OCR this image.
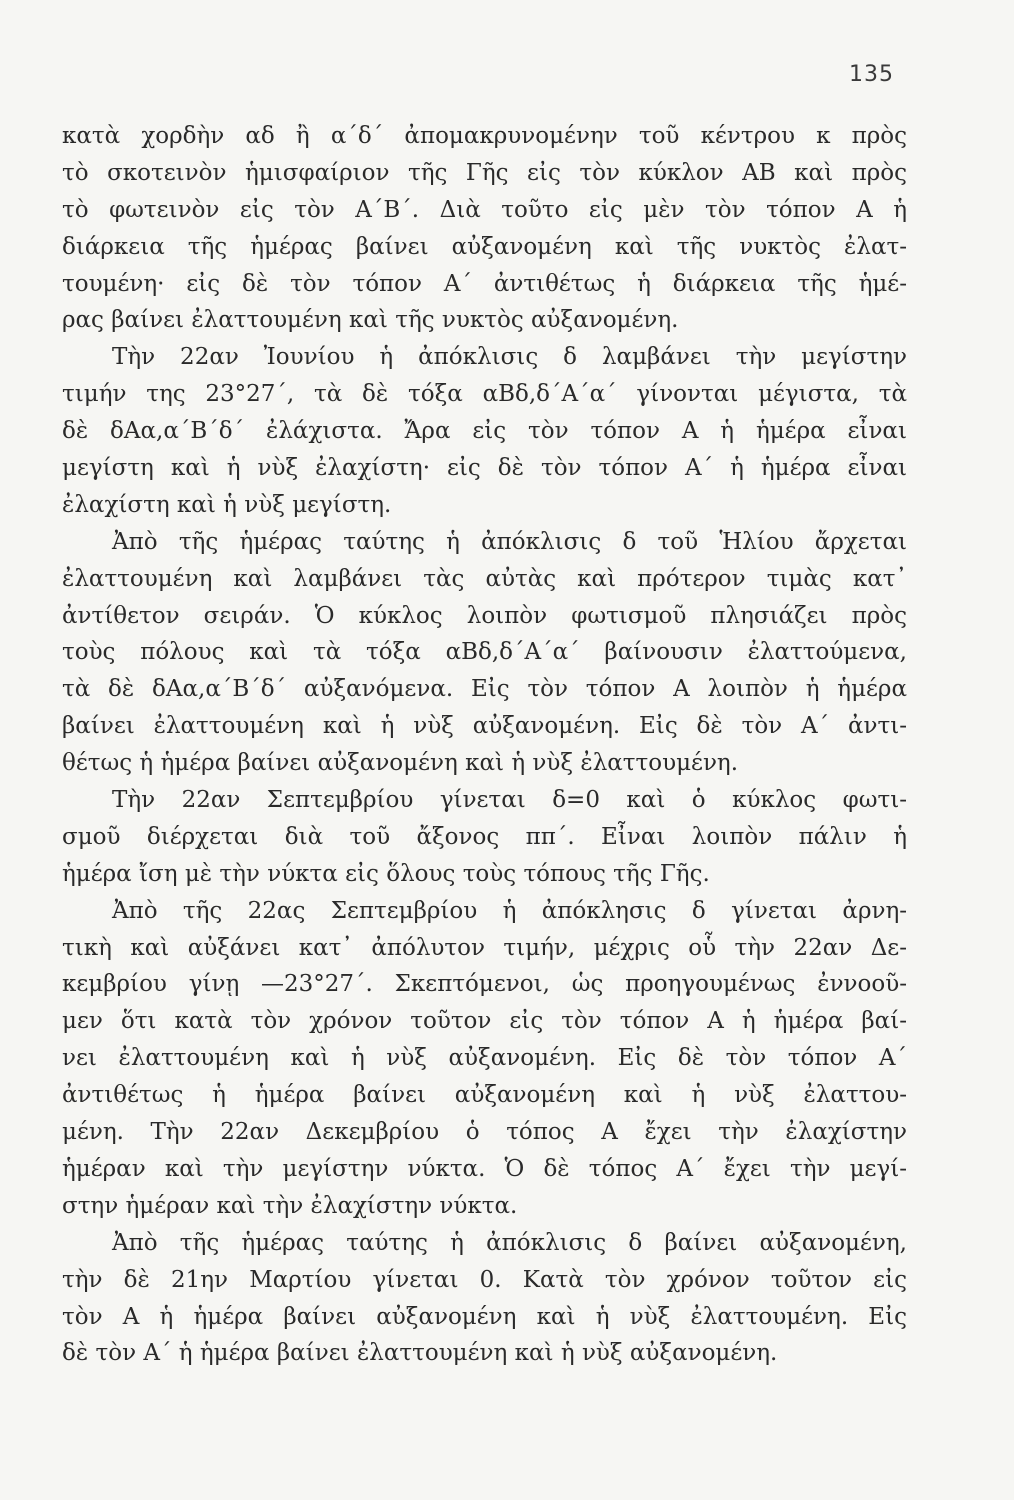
135
κατὰ χορδὴν αδ ἢ α΄δ΄ ἀπομακρυνομένην τοῦ κέντρου κ πρὸς
τὸ σκοτεινὸν ἡμισφαίριον τῆς Γῆς εἰς τὸν κύκλον ΑΒ καὶ πρὸς
τὸ φωτεινὸν εἰς τὸν Α΄Β΄. Διὰ τοῦτο εἰς μὲν τὸν τόπον Α ἡ
διάρκεια τῆς ἡμέρας βαίνει αὐξανομένη καὶ τῆς νυκτὸς ἐλατ-
τουμένη· εἰς δὲ τὸν τόπον Α΄ ἀντιθέτως ἡ διάρκεια τῆς ἡμέ-
ρας βαίνει ἐλαττουμένη καὶ τῆς νυκτὸς αὐξανομένη.
Τὴν 22αν Ἰουνίου ἡ ἀπόκλισις δ λαμβάνει τὴν μεγίστην
τιμήν της 23°27΄, τὰ δὲ τόξα αΒδ,δ΄Α΄α΄ γίνονται μέγιστα, τὰ
δὲ δΑα,α΄Β΄δ΄ ἐλάχιστα. Ἄρα εἰς τὸν τόπον Α ἡ ἡμέρα εἶναι
μεγίστη καὶ ἡ νὺξ ἐλαχίστη· εἰς δὲ τὸν τόπον Α΄ ἡ ἡμέρα εἶναι
ἐλαχίστη καὶ ἡ νὺξ μεγίστη.
Ἀπὸ τῆς ἡμέρας ταύτης ἡ ἀπόκλισις δ τοῦ Ἡλίου ἄρχεται
ἐλαττουμένη καὶ λαμβάνει τὰς αὐτὰς καὶ πρότερον τιμὰς κατ᾽
ἀντίθετον σειράν. Ὁ κύκλος λοιπὸν φωτισμοῦ πλησιάζει πρὸς
τοὺς πόλους καὶ τὰ τόξα αΒδ,δ΄Α΄α΄ βαίνουσιν ἐλαττούμενα,
τὰ δὲ δΑα,α΄Β΄δ΄ αὐξανόμενα. Εἰς τὸν τόπον Α λοιπὸν ἡ ἡμέρα
βαίνει ἐλαττουμένη καὶ ἡ νὺξ αὐξανομένη. Εἰς δὲ τὸν Α΄ ἀντι-
θέτως ἡ ἡμέρα βαίνει αὐξανομένη καὶ ἡ νὺξ ἐλαττουμένη.
Τὴν 22αν Σεπτεμβρίου γίνεται δ=0 καὶ ὁ κύκλος φωτι-
σμοῦ διέρχεται διὰ τοῦ ἄξονος ππ΄. Εἶναι λοιπὸν πάλιν ἡ
ἡμέρα ἴση μὲ τὴν νύκτα εἰς ὅλους τοὺς τόπους τῆς Γῆς.
Ἀπὸ τῆς 22ας Σεπτεμβρίου ἡ ἀπόκλησις δ γίνεται ἀρνη-
τικὴ καὶ αὐξάνει κατ᾽ ἀπόλυτον τιμήν, μέχρις οὗ τὴν 22αν Δε-
κεμβρίου γίνῃ —23°27΄. Σκεπτόμενοι, ὡς προηγουμένως ἐννοοῦ-
μεν ὅτι κατὰ τὸν χρόνον τοῦτον εἰς τὸν τόπον Α ἡ ἡμέρα βαί-
νει ἐλαττουμένη καὶ ἡ νὺξ αὐξανομένη. Εἰς δὲ τὸν τόπον Α΄
ἀντιθέτως ἡ ἡμέρα βαίνει αὐξανομένη καὶ ἡ νὺξ ἐλαττου-
μένη. Τὴν 22αν Δεκεμβρίου ὁ τόπος Α ἔχει τὴν ἐλαχίστην
ἡμέραν καὶ τὴν μεγίστην νύκτα. Ὁ δὲ τόπος Α΄ ἔχει τὴν μεγί-
στην ἡμέραν καὶ τὴν ἐλαχίστην νύκτα.
Ἀπὸ τῆς ἡμέρας ταύτης ἡ ἀπόκλισις δ βαίνει αὐξανομένη,
τὴν δὲ 21ην Μαρτίου γίνεται 0. Κατὰ τὸν χρόνον τοῦτον εἰς
τὸν Α ἡ ἡμέρα βαίνει αὐξανομένη καὶ ἡ νὺξ ἐλαττουμένη. Εἰς
δὲ τὸν Α΄ ἡ ἡμέρα βαίνει ἐλαττουμένη καὶ ἡ νὺξ αὐξανομένη.
